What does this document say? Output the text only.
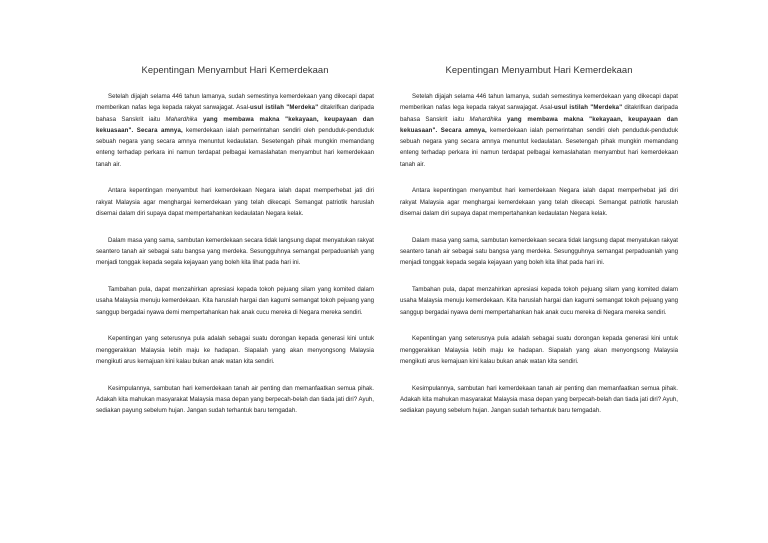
Kepentingan Menyambut Hari Kemerdekaan

Setelah dijajah selama 446 tahun lamanya, sudah semestinya kemerdekaan yang dikecapi dapat memberikan nafas lega kepada rakyat sarwajagat. Asal-usul istilah "Merdeka" ditakrifkan daripada bahasa Sanskrit iaitu Mahardhika yang membawa makna "kekayaan, keupayaan dan kekuasaan". Secara amnya, kemerdekaan ialah pemerintahan sendiri oleh penduduk-penduduk sebuah negara yang secara amnya menuntut kedaulatan. Sesetengah pihak mungkin memandang enteng terhadap perkara ini namun terdapat pelbagai kemaslahatan menyambut hari kemerdekaan tanah air.

Antara kepentingan menyambut hari kemerdekaan Negara ialah dapat memperhebat jati diri rakyat Malaysia agar menghargai kemerdekaan yang telah dikecapi. Semangat patriotik haruslah disemai dalam diri supaya dapat mempertahankan kedaulatan Negara kelak.

Dalam masa yang sama, sambutan kemerdekaan secara tidak langsung dapat menyatukan rakyat seantero tanah air sebagai satu bangsa yang merdeka. Sesungguhnya semangat perpaduanlah yang menjadi tonggak kepada segala kejayaan yang boleh kita lihat pada hari ini.

Tambahan pula, dapat menzahirkan apresiasi kepada tokoh pejuang silam yang komited dalam usaha Malaysia menuju kemerdekaan. Kita haruslah hargai dan kagumi semangat tokoh pejuang yang sanggup bergadai nyawa demi mempertahankan hak anak cucu mereka di Negara mereka sendiri.

Kepentingan yang seterusnya pula adalah sebagai suatu dorongan kepada generasi kini untuk menggerakkan Malaysia lebih maju ke hadapan. Siapalah yang akan menyongsong Malaysia mengikuti arus kemajuan kini kalau bukan anak watan kita sendiri.

Kesimpulannya, sambutan hari kemerdekaan tanah air penting dan memanfaatkan semua pihak. Adakah kita mahukan masyarakat Malaysia masa depan yang berpecah-belah dan tiada jati diri? Ayuh, sediakan payung sebelum hujan. Jangan sudah terhantuk baru terngadah.

Kepentingan Menyambut Hari Kemerdekaan

Setelah dijajah selama 446 tahun lamanya, sudah semestinya kemerdekaan yang dikecapi dapat memberikan nafas lega kepada rakyat sarwajagat. Asal-usul istilah "Merdeka" ditakrifkan daripada bahasa Sanskrit iaitu Mahardhika yang membawa makna "kekayaan, keupayaan dan kekuasaan". Secara amnya, kemerdekaan ialah pemerintahan sendiri oleh penduduk-penduduk sebuah negara yang secara amnya menuntut kedaulatan. Sesetengah pihak mungkin memandang enteng terhadap perkara ini namun terdapat pelbagai kemaslahatan menyambut hari kemerdekaan tanah air.

Antara kepentingan menyambut hari kemerdekaan Negara ialah dapat memperhebat jati diri rakyat Malaysia agar menghargai kemerdekaan yang telah dikecapi. Semangat patriotik haruslah disemai dalam diri supaya dapat mempertahankan kedaulatan Negara kelak.

Dalam masa yang sama, sambutan kemerdekaan secara tidak langsung dapat menyatukan rakyat seantero tanah air sebagai satu bangsa yang merdeka. Sesungguhnya semangat perpaduanlah yang menjadi tonggak kepada segala kejayaan yang boleh kita lihat pada hari ini.

Tambahan pula, dapat menzahirkan apresiasi kepada tokoh pejuang silam yang komited dalam usaha Malaysia menuju kemerdekaan. Kita haruslah hargai dan kagumi semangat tokoh pejuang yang sanggup bergadai nyawa demi mempertahankan hak anak cucu mereka di Negara mereka sendiri.

Kepentingan yang seterusnya pula adalah sebagai suatu dorongan kepada generasi kini untuk menggerakkan Malaysia lebih maju ke hadapan. Siapalah yang akan menyongsong Malaysia mengikuti arus kemajuan kini kalau bukan anak watan kita sendiri.

Kesimpulannya, sambutan hari kemerdekaan tanah air penting dan memanfaatkan semua pihak. Adakah kita mahukan masyarakat Malaysia masa depan yang berpecah-belah dan tiada jati diri? Ayuh, sediakan payung sebelum hujan. Jangan sudah terhantuk baru terngadah.
